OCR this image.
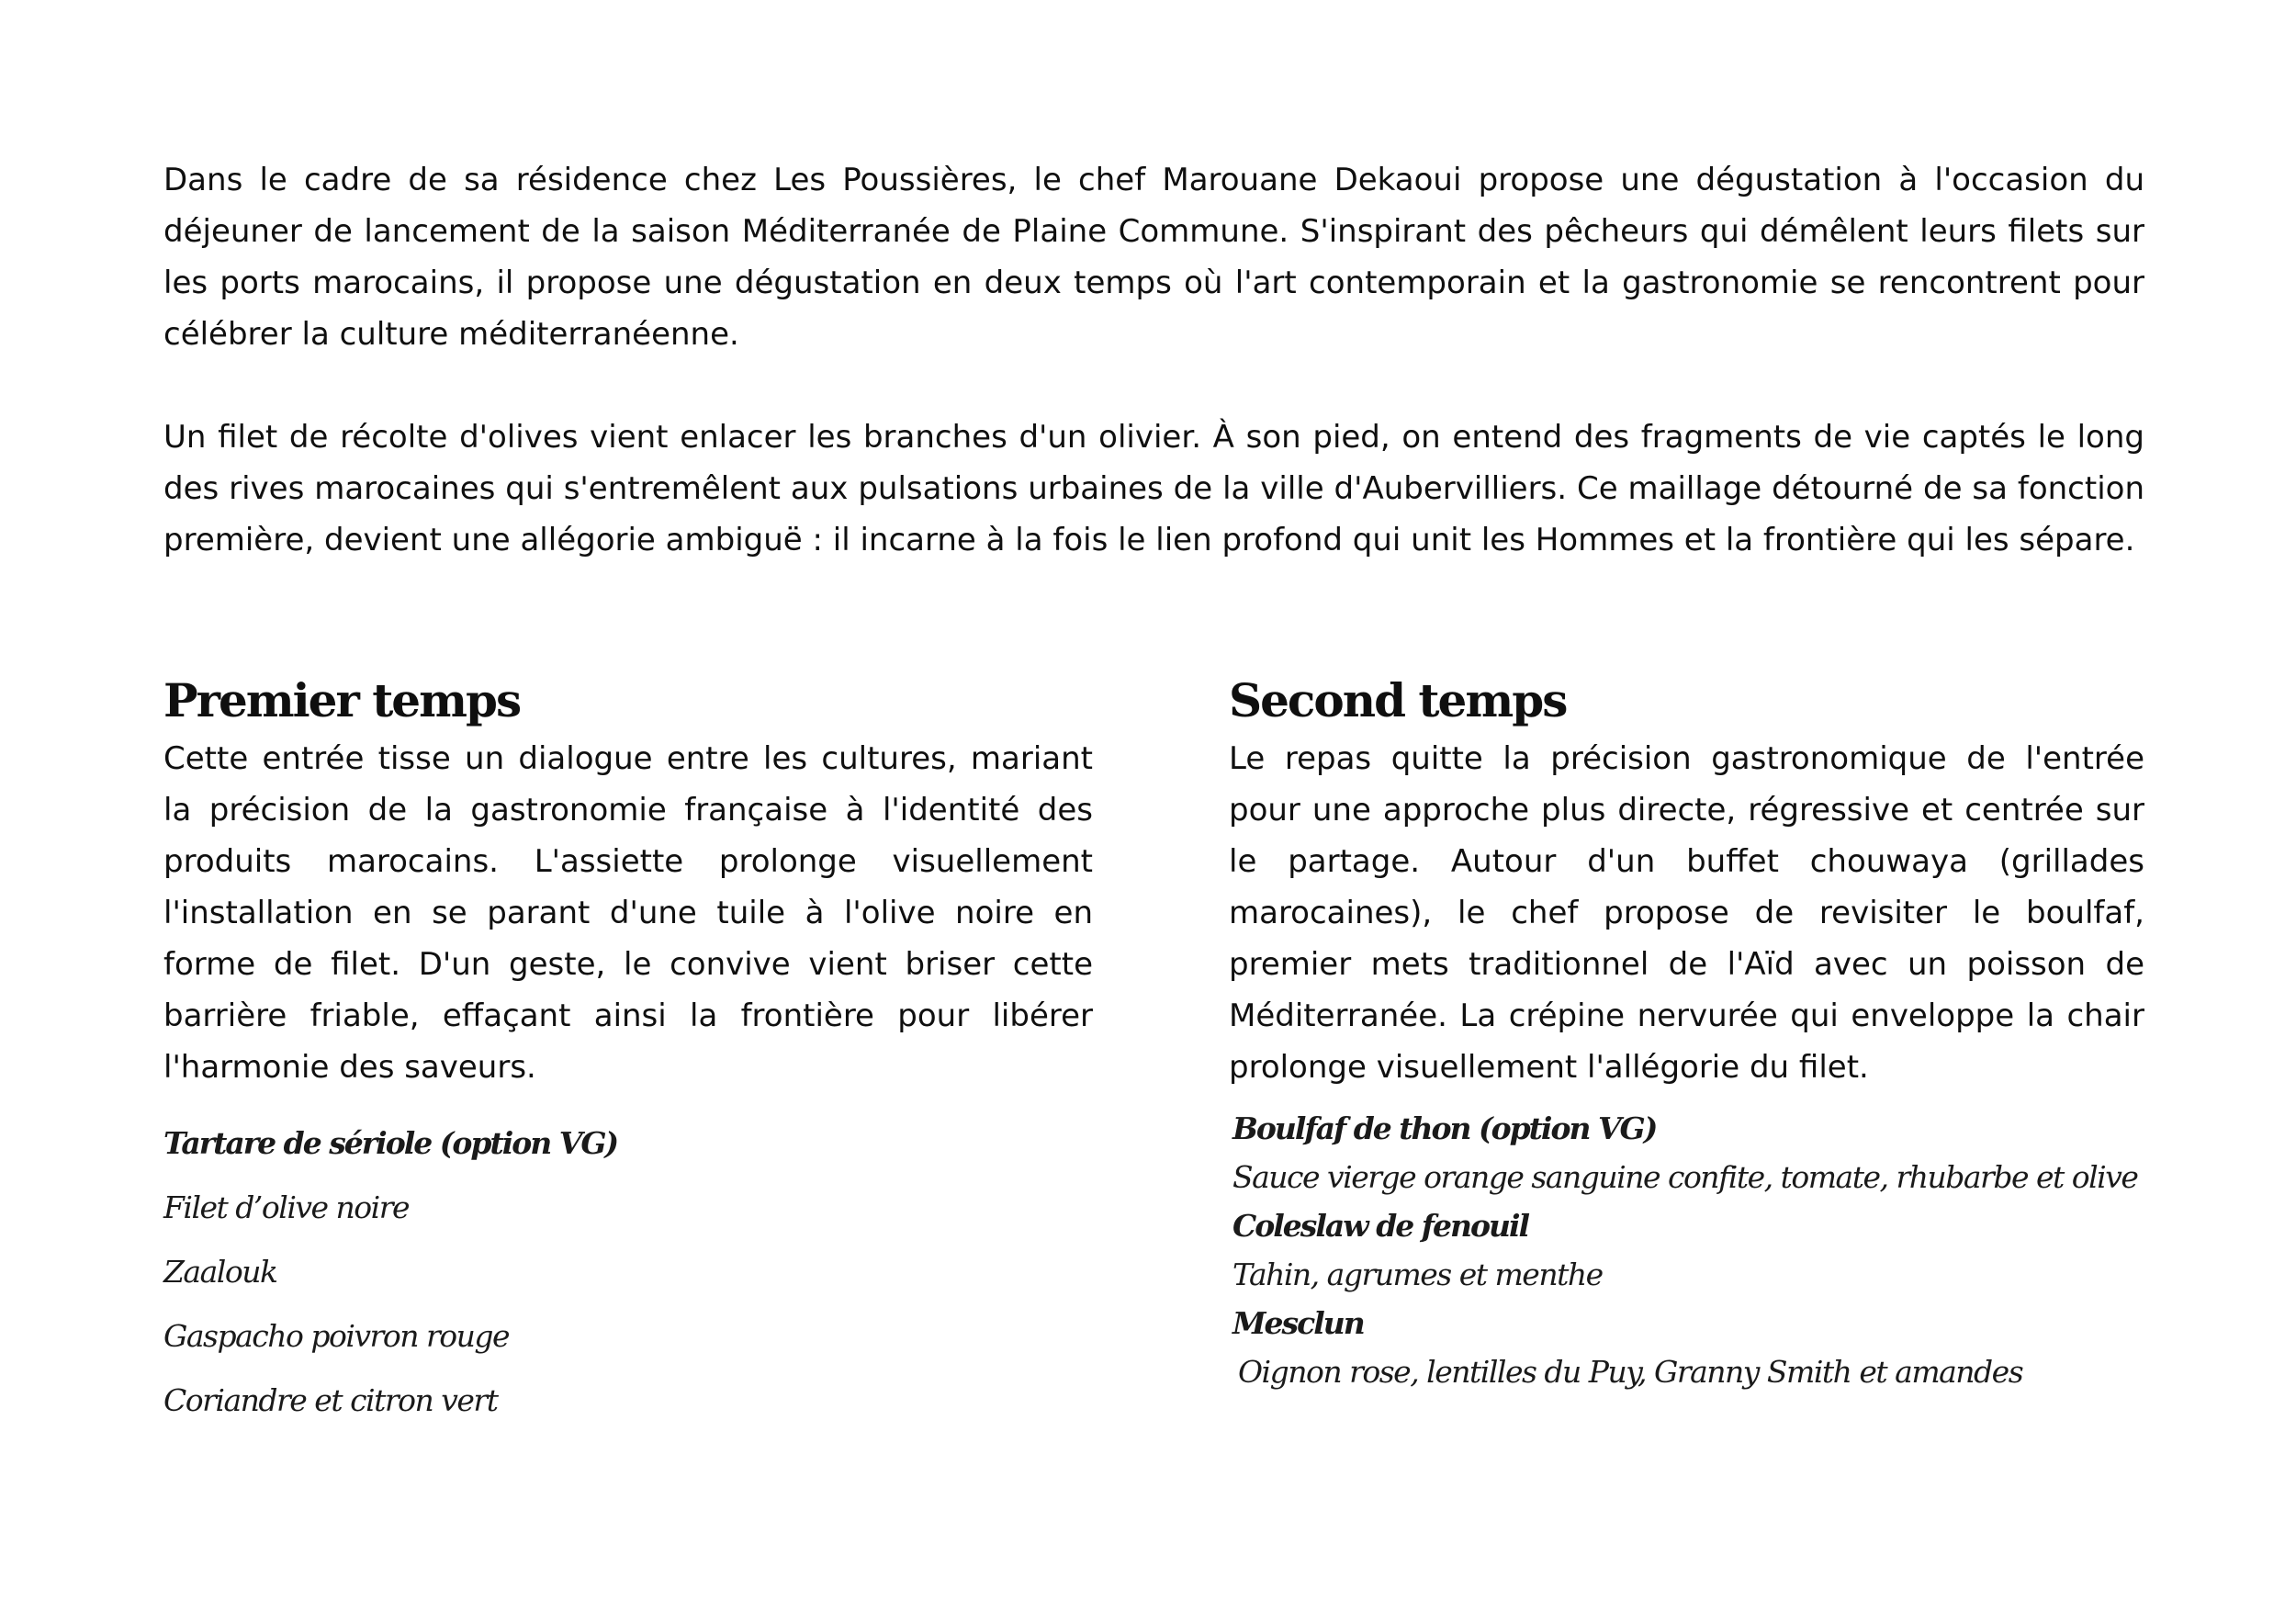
Dans le cadre de sa résidence chez Les Poussières, le chef Marouane Dekaoui propose une dégustation à l'occasion du déjeuner de lancement de la saison Méditerranée de Plaine Commune. S'inspirant des pêcheurs qui démêlent leurs filets sur les ports marocains, il propose une dégustation en deux temps où l'art contemporain et la gastronomie se rencontrent pour célébrer la culture méditerranéenne.

Un filet de récolte d'olives vient enlacer les branches d'un olivier. À son pied, on entend des fragments de vie captés le long des rives marocaines qui s'entremêlent aux pulsations urbaines de la ville d'Aubervilliers. Ce maillage détourné de sa fonction première, devient une allégorie ambiguë : il incarne à la fois le lien profond qui unit les Hommes et la frontière qui les sépare.

Premier temps

Cette entrée tisse un dialogue entre les cultures, mariant la précision de la gastronomie française à l'identité des produits marocains. L'assiette prolonge visuellement l'installation en se parant d'une tuile à l'olive noire en forme de filet. D'un geste, le convive vient briser cette barrière friable, effaçant ainsi la frontière pour libérer l'harmonie des saveurs.

Second temps

Le repas quitte la précision gastronomique de l'entrée pour une approche plus directe, régressive et centrée sur le partage. Autour d'un buffet chouwaya (grillades marocaines), le chef propose de revisiter le boulfaf, premier mets traditionnel de l'Aïd avec un poisson de Méditerranée. La crépine nervurée qui enveloppe la chair prolonge visuellement l'allégorie du filet.

Tartare de sériole (option VG)
Filet d’olive noire
Zaalouk
Gaspacho poivron rouge
Coriandre et citron vert
Boulfaf de thon (option VG)
Sauce vierge orange sanguine confite, tomate, rhubarbe et olive
Coleslaw de fenouil
Tahin, agrumes et menthe
Mesclun
Oignon rose, lentilles du Puy, Granny Smith et amandes
